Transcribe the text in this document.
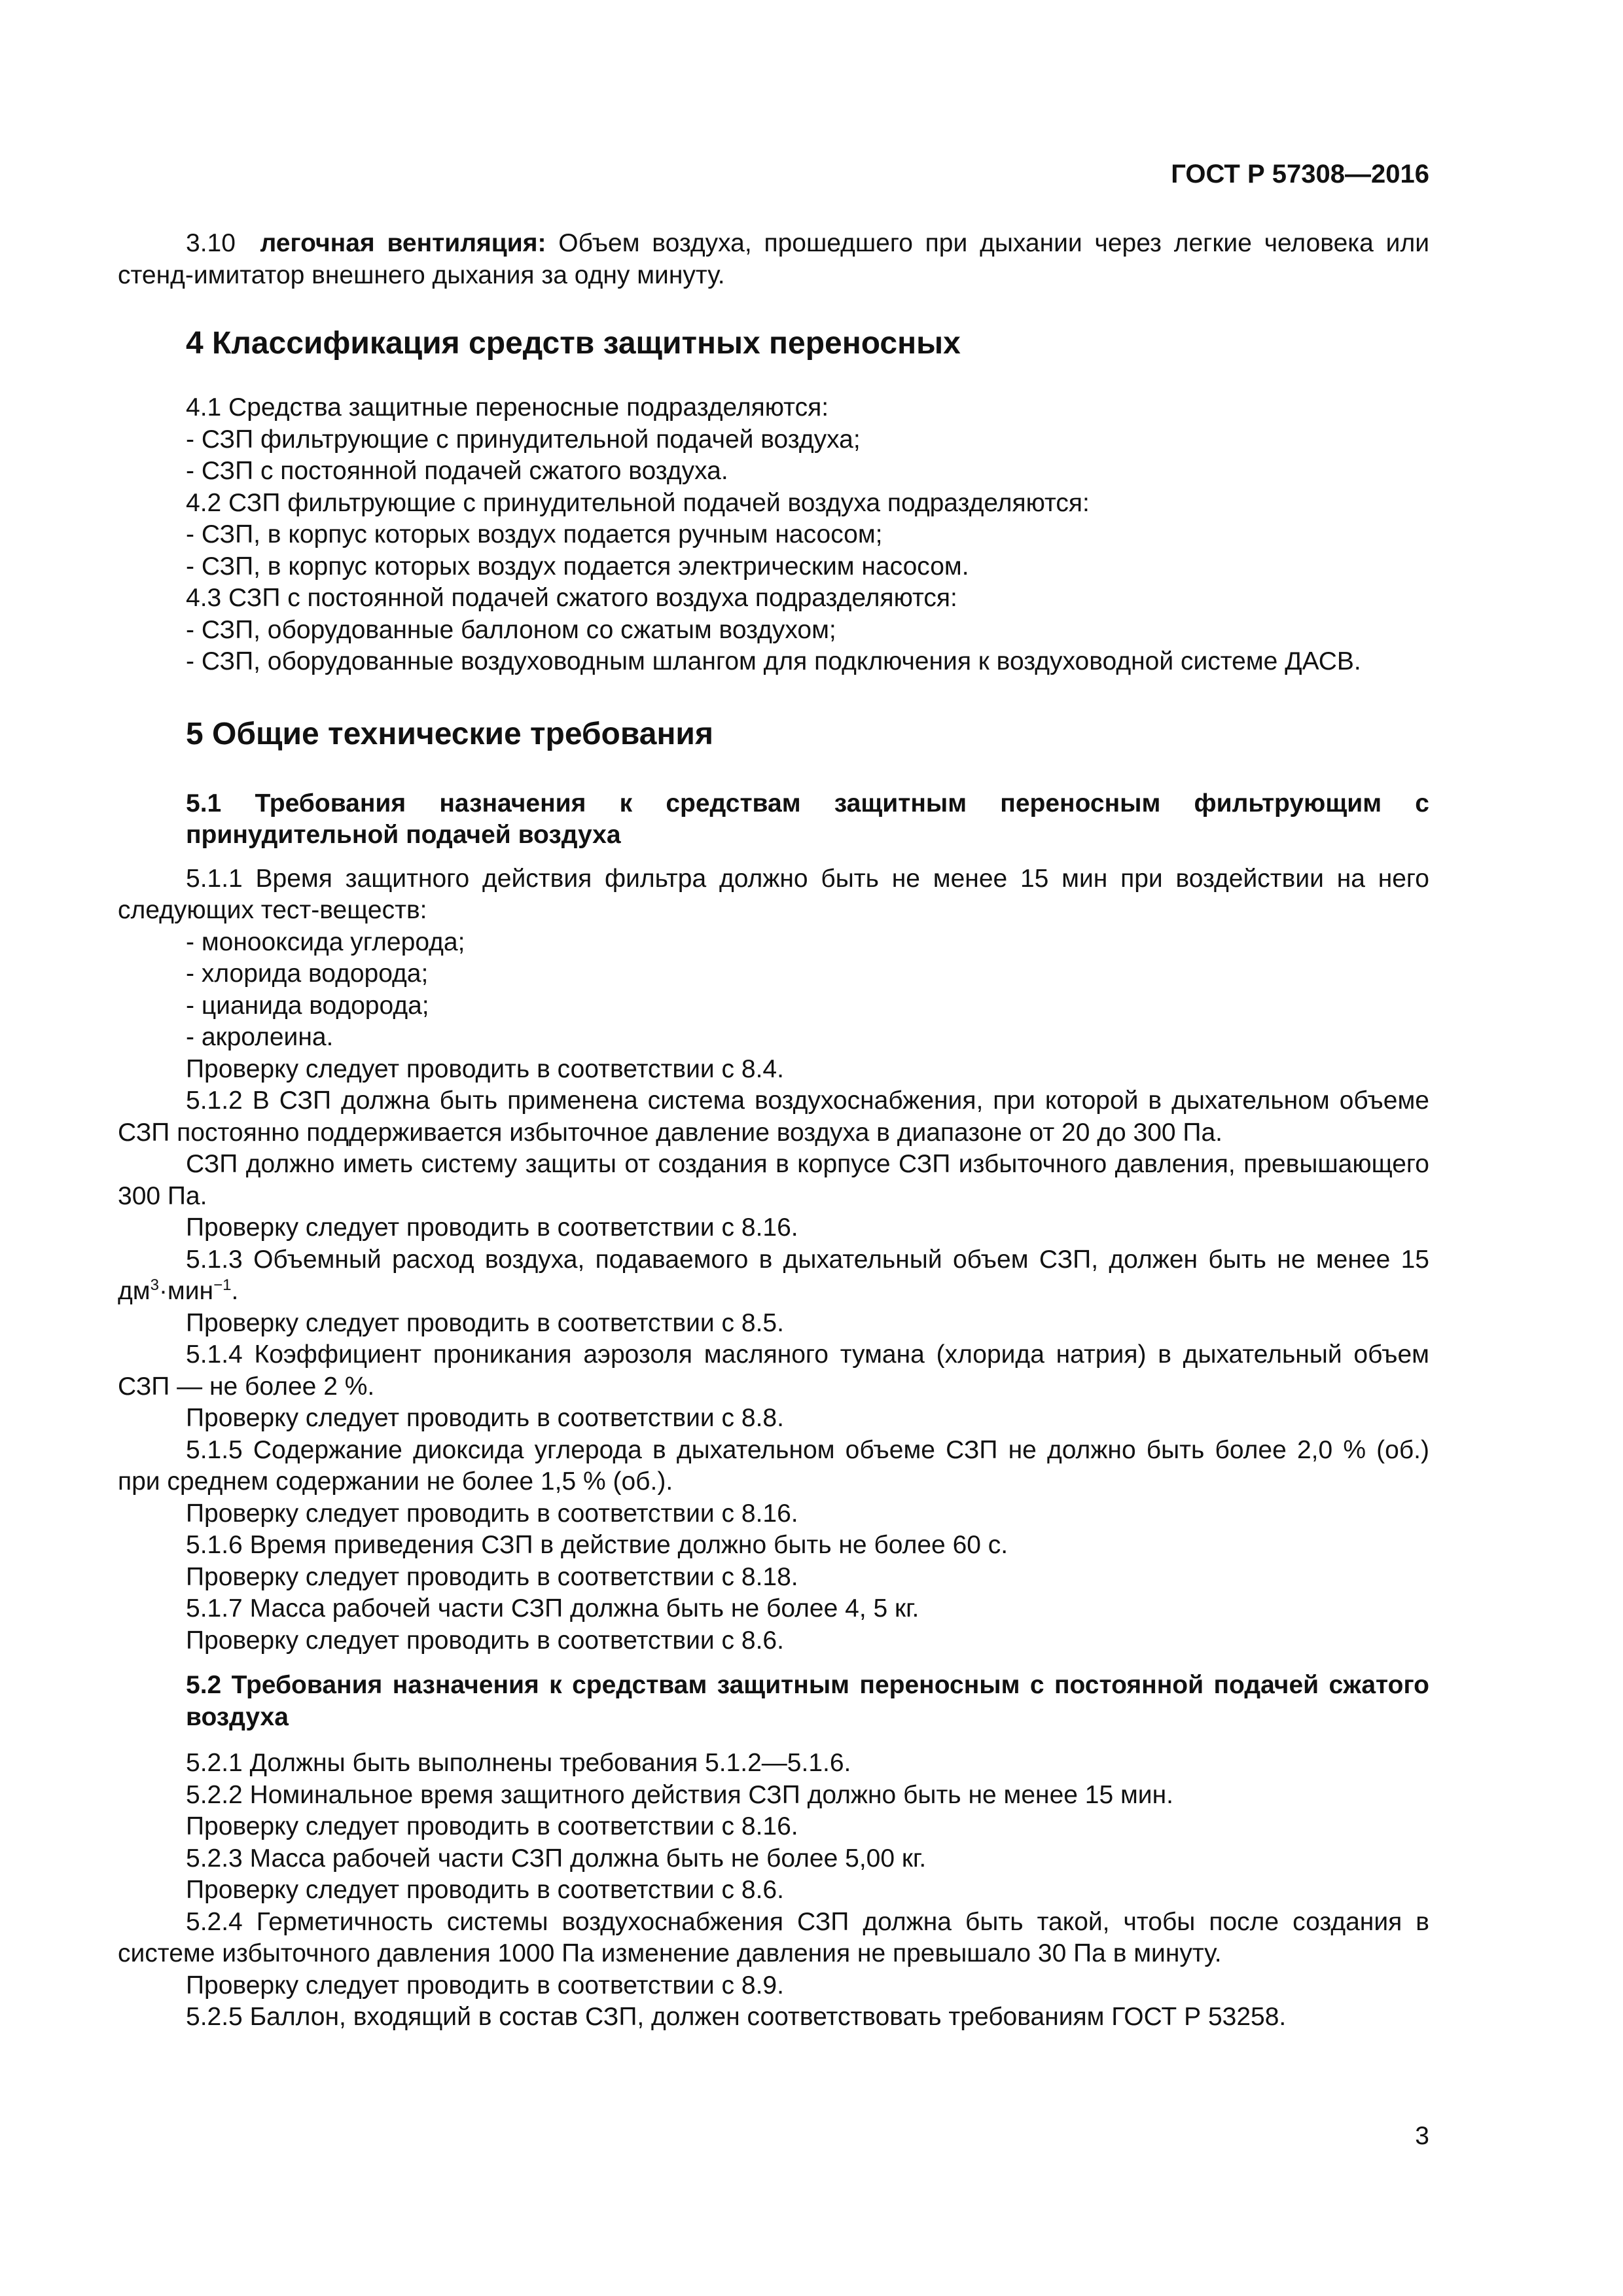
ГОСТ Р 57308—2016

3.10 легочная вентиляция: Объем воздуха, прошедшего при дыхании через легкие человека или стенд-имитатор внешнего дыхания за одну минуту.

4 Классификация средств защитных переносных

4.1 Средства защитные переносные подразделяются:

- СЗП фильтрующие с принудительной подачей воздуха;

- СЗП с постоянной подачей сжатого воздуха.

4.2 СЗП фильтрующие с принудительной подачей воздуха подразделяются:

- СЗП, в корпус которых воздух подается ручным насосом;

- СЗП, в корпус которых воздух подается электрическим насосом.

4.3 СЗП с постоянной подачей сжатого воздуха подразделяются:

- СЗП, оборудованные баллоном со сжатым воздухом;

- СЗП, оборудованные воздуховодным шлангом для подключения к воздуховодной системе ДАСВ.

5 Общие технические требования
5.1 Требования назначения к средствам защитным переносным фильтрующим с принудительной подачей воздуха

5.1.1 Время защитного действия фильтра должно быть не менее 15 мин при воздействии на него следующих тест-веществ:

- монооксида углерода;

- хлорида водорода;

- цианида водорода;

- акролеина.

Проверку следует проводить в соответствии с 8.4.

5.1.2 В СЗП должна быть применена система воздухоснабжения, при которой в дыхательном объеме СЗП постоянно поддерживается избыточное давление воздуха в диапазоне от 20 до 300 Па.

СЗП должно иметь систему защиты от создания в корпусе СЗП избыточного давления, превышающего 300 Па.

Проверку следует проводить в соответствии с 8.16.

5.1.3 Объемный расход воздуха, подаваемого в дыхательный объем СЗП, должен быть не менее 15 $дм^3\cdot мин^{-1}$.

Проверку следует проводить в соответствии с 8.5.

5.1.4 Коэффициент проникания аэрозоля масляного тумана (хлорида натрия) в дыхательный объем СЗП — не более 2 %.

Проверку следует проводить в соответствии с 8.8.

5.1.5 Содержание диоксида углерода в дыхательном объеме СЗП не должно быть более 2,0 % (об.) при среднем содержании не более 1,5 % (об.).

Проверку следует проводить в соответствии с 8.16.

5.1.6 Время приведения СЗП в действие должно быть не более 60 с.

Проверку следует проводить в соответствии с 8.18.

5.1.7 Масса рабочей части СЗП должна быть не более 4, 5 кг.

Проверку следует проводить в соответствии с 8.6.

5.2 Требования назначения к средствам защитным переносным с постоянной подачей сжатого воздуха

5.2.1 Должны быть выполнены требования 5.1.2—5.1.6.

5.2.2 Номинальное время защитного действия СЗП должно быть не менее 15 мин.

Проверку следует проводить в соответствии с 8.16.

5.2.3 Масса рабочей части СЗП должна быть не более 5,00 кг.

Проверку следует проводить в соответствии с 8.6.

5.2.4 Герметичность системы воздухоснабжения СЗП должна быть такой, чтобы после создания в системе избыточного давления 1000 Па изменение давления не превышало 30 Па в минуту.

Проверку следует проводить в соответствии с 8.9.

5.2.5 Баллон, входящий в состав СЗП, должен соответствовать требованиям ГОСТ Р 53258.

3
